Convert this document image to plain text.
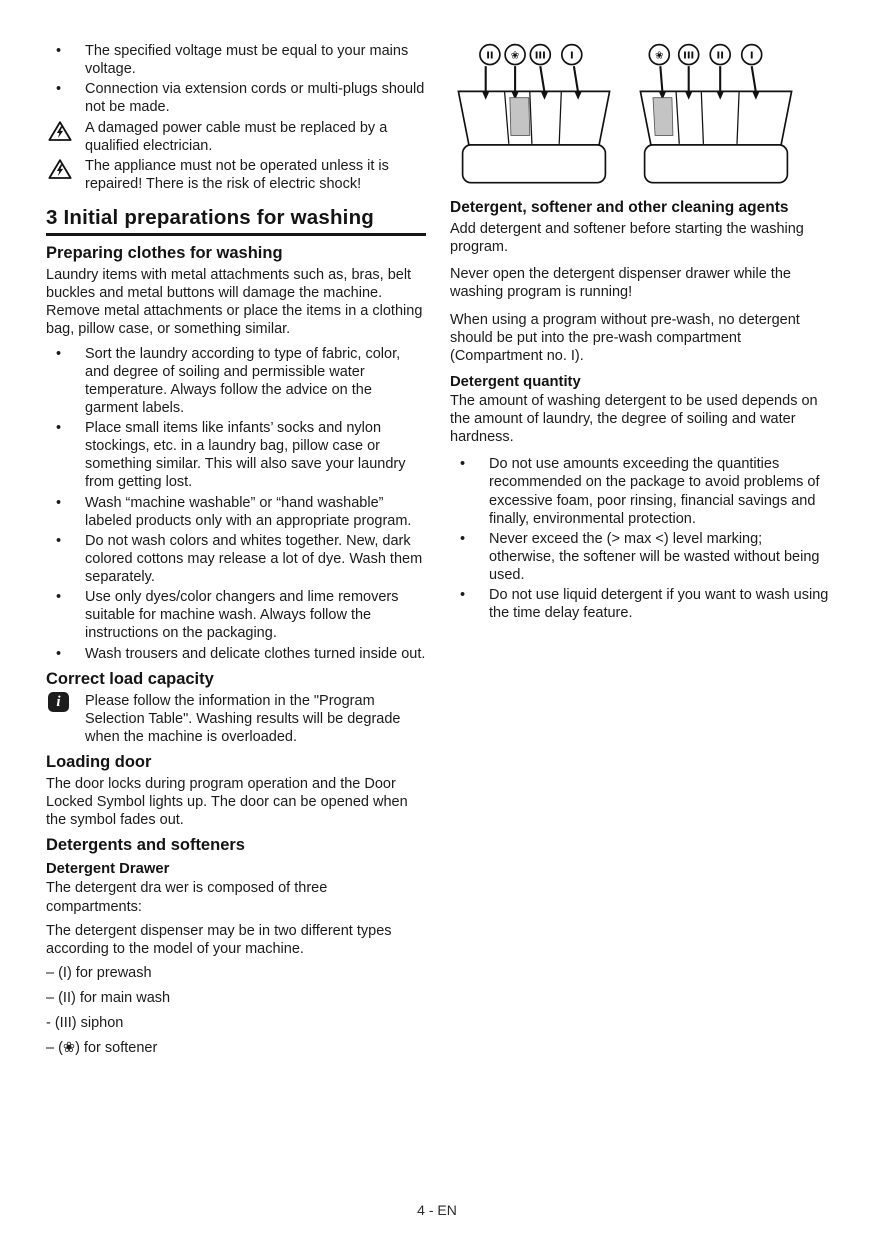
•
The specified voltage must be equal to your mains voltage.
•
Connection via extension cords or multi-plugs should not be made.
A damaged power cable must be replaced by a qualified electrician.
The appliance must not be operated unless it is repaired! There is the risk of electric shock!
3 Initial preparations for washing
Preparing clothes for washing

Laundry items with metal attachments such as, bras, belt buckles and metal buttons will damage the machine. Remove metal attachments or place the items in a clothing bag, pillow case, or something similar.

•
Sort the laundry according to type of fabric, color, and degree of soiling and permissible water temperature. Always follow the advice on the garment labels.
•
Place small items like infants’ socks and nylon stockings, etc. in a laundry bag, pillow case or something similar. This will also save your laundry from getting lost.
•
Wash “machine washable” or “hand washable” labeled products only with an appropriate program.
•
Do not wash colors and whites together. New, dark colored cottons may release a lot of dye. Wash them separately.
•
Use only dyes/color changers and lime removers suitable for machine wash. Always follow the instructions on the packaging.
•
Wash trousers and delicate clothes turned inside out.
Correct load capacity
i
Please follow the information in the "Program Selection Table". Washing results will be degrade when the machine is overloaded.
Loading door

The door locks during program operation and the Door Locked Symbol lights up. The door can be opened when the symbol fades out.

Detergents and softeners
Detergent Drawer

The detergent dra wer is composed of three compartments:

The detergent dispenser may be in two different types according to the model of your machine.

– (I) for prewash
– (II) for main wash
- (III) siphon
– (❀) for softener
II ❀ III	I	❀ III II	I
Detergent, softener and other cleaning agents

Add detergent and softener before starting the washing program.

Never open the detergent dispenser drawer while the washing program is running!

When using a program without pre-wash, no detergent should be put into the pre-wash compartment (Compartment no. I).

Detergent quantity

The amount of washing detergent to be used depends on the amount of laundry, the degree of soiling and water hardness.

•
Do not use amounts exceeding the quantities recommended on the package to avoid problems of excessive foam, poor rinsing, financial savings and finally, environmental protection.
•
Never exceed the (> max <) level marking; otherwise, the softener will be wasted without being used.
•
Do not use liquid detergent if you want to wash using the time delay feature.
4 - EN
